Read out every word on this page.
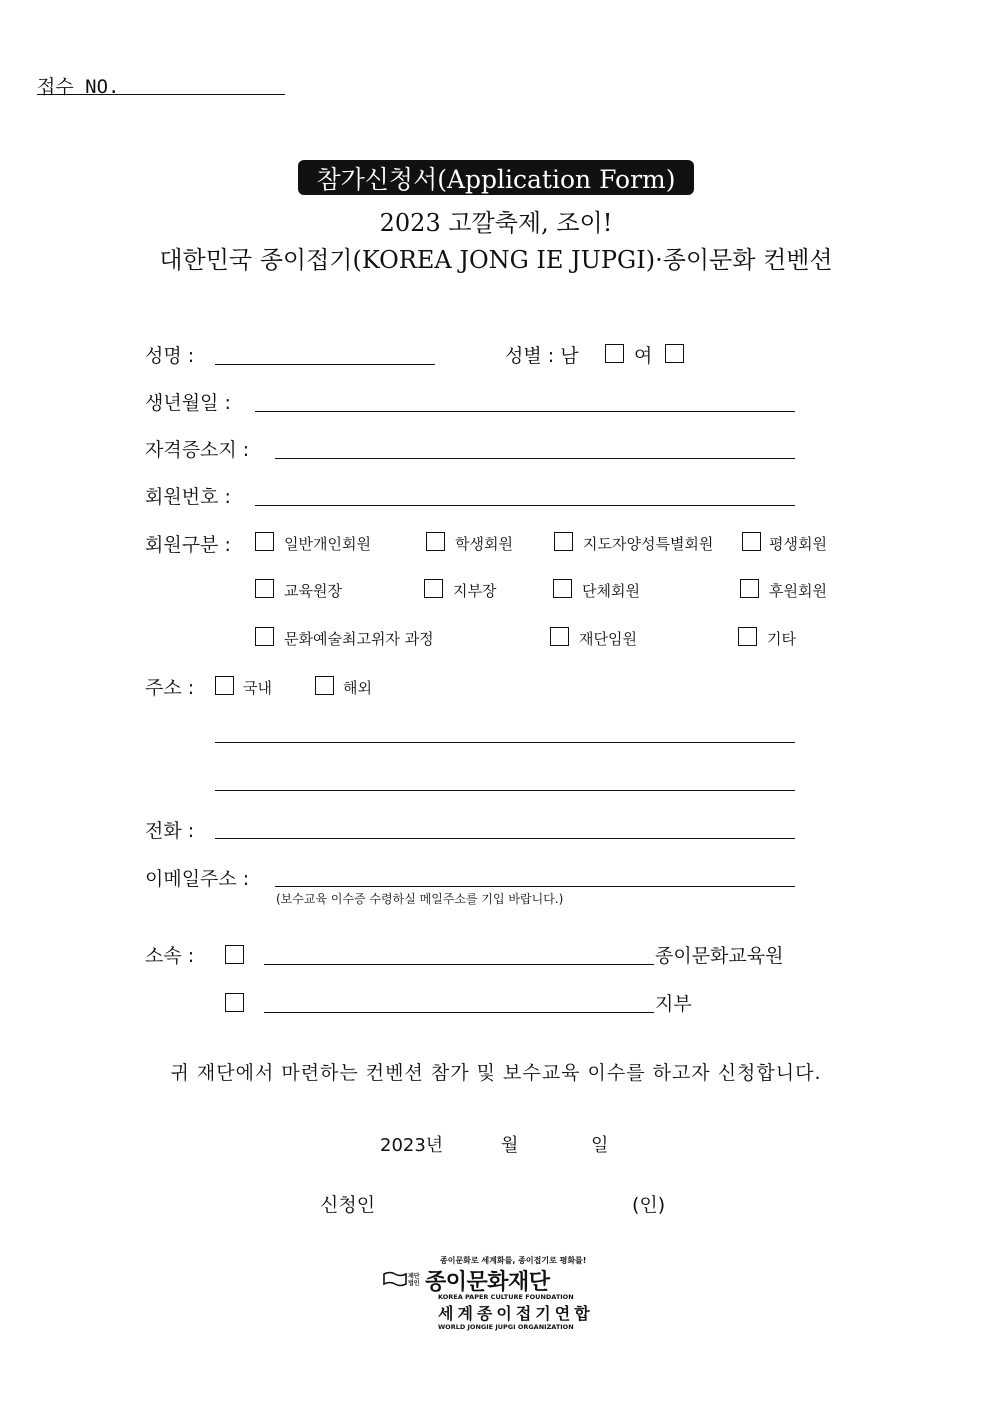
접수 NO.
참가신청서(Application Form)
2023 고깔축제, 조이!
대한민국 종이접기(KOREA JONG IE JUPGI)·종이문화 컨벤션
성명 :	성별 : 남	여
생년월일 :
자격증소지 :
회원번호 :
회원구분 :	일반개인회원	학생회원	지도자양성특별회원	평생회원
교육원장	지부장	단체회원	후원회원
문화예술최고위자 과정	재단임원	기타
주소 :	국내	해외
전화 :
이메일주소 :
(보수교육 이수증 수령하실 메일주소를 기입 바랍니다.)
소속 :	종이문화교육원
지부
귀 재단에서 마련하는 컨벤션 참가 및 보수교육 이수를 하고자 신청합니다.
2023년	월	일
신청인	(인)
종이문화로 세계화를, 종이접기로 평화를!
재단법인 종이문화재단
KOREA PAPER CULTURE FOUNDATION
세계종이접기연합
WORLD JONGIE JUPGI ORGANIZATION
